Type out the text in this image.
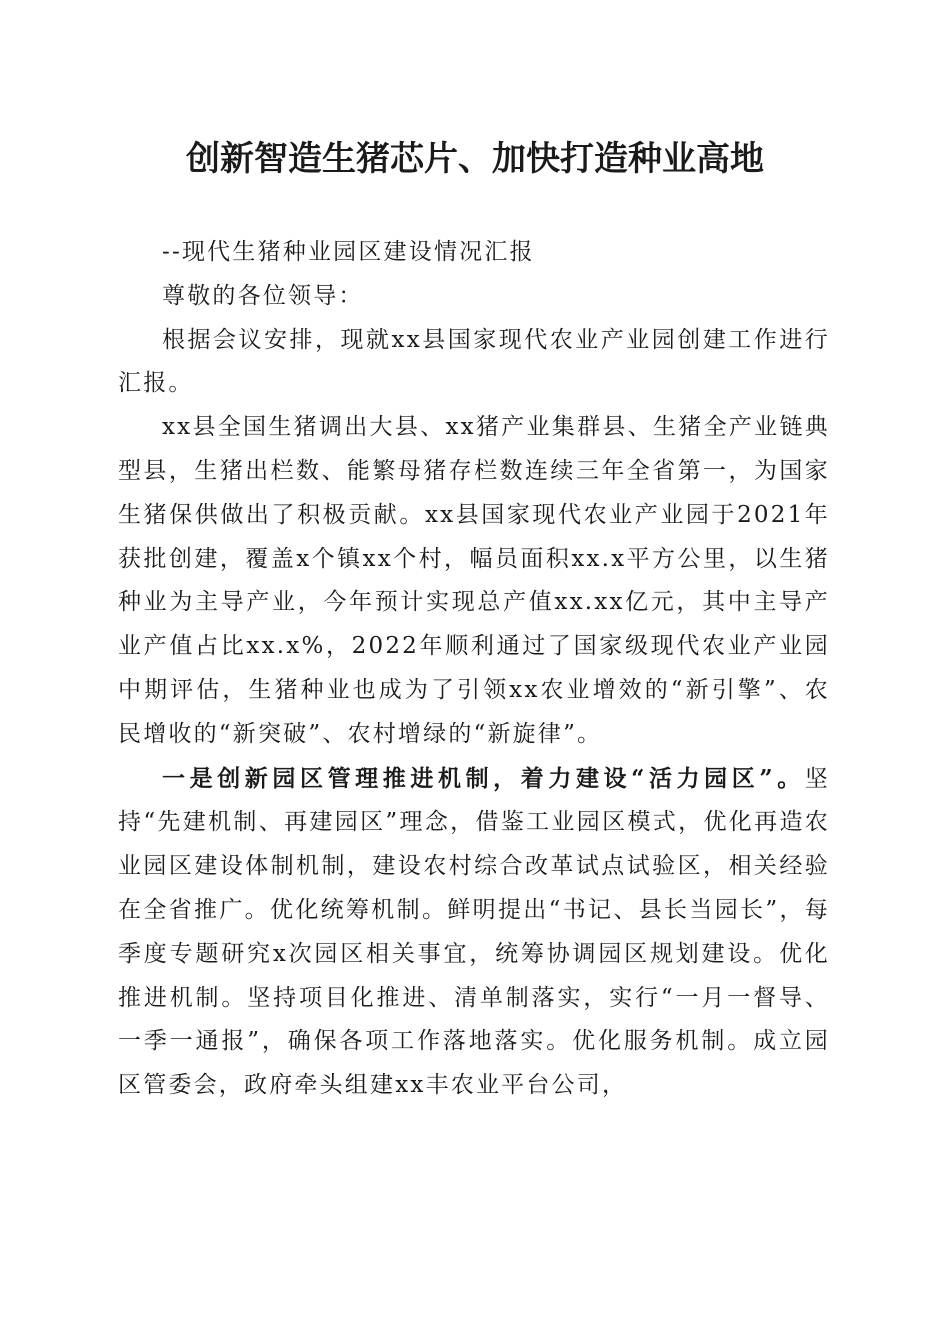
创新智造生猪芯片、加快打造种业高地

--现代生猪种业园区建设情况汇报

尊敬的各位领导：

根据会议安排，现就xx县国家现代农业产业园创建工作进行汇报。

xx县全国生猪调出大县、xx猪产业集群县、生猪全产业链典型县，生猪出栏数、能繁母猪存栏数连续三年全省第一，为国家生猪保供做出了积极贡献。xx县国家现代农业产业园于2021年获批创建，覆盖x个镇xx个村，幅员面积xx.x平方公里，以生猪种业为主导产业，今年预计实现总产值xx.xx亿元，其中主导产业产值占比xx.x%，2022年顺利通过了国家级现代农业产业园中期评估，生猪种业也成为了引领xx农业增效的“新引擎”、农民增收的“新突破”、农村增绿的“新旋律”。

一是创新园区管理推进机制，着力建设“活力园区”。坚持“先建机制、再建园区”理念，借鉴工业园区模式，优化再造农业园区建设体制机制，建设农村综合改革试点试验区，相关经验在全省推广。优化统筹机制。鲜明提出“书记、县长当园长”，每季度专题研究x次园区相关事宜，统筹协调园区规划建设。优化推进机制。坚持项目化推进、清单制落实，实行“一月一督导、一季一通报”，确保各项工作落地落实。优化服务机制。成立园区管委会，政府牵头组建xx丰农业平台公司，
